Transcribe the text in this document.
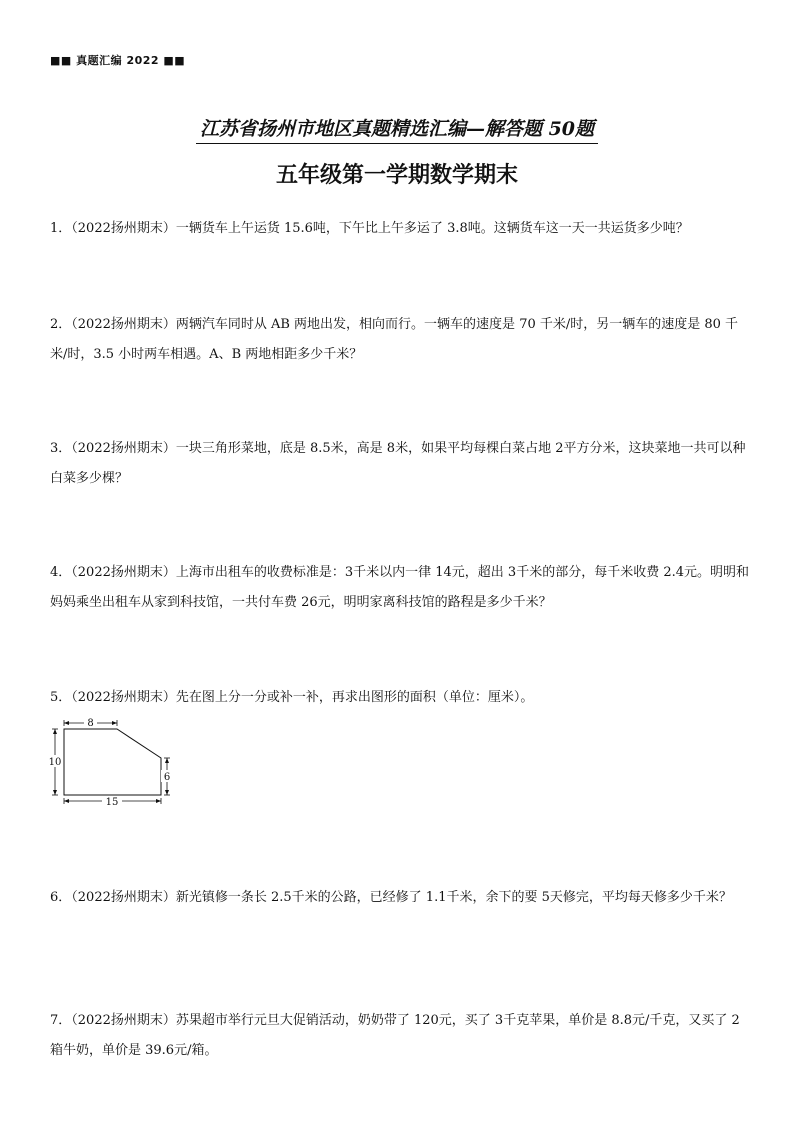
■■ 真题汇编 2022 ■■
江苏省扬州市地区真题精选汇编—解答题 50题
五年级第一学期数学期末
1．（2022扬州期末）一辆货车上午运货 15.6吨，下午比上午多运了 3.8吨。这辆货车这一天一共运货多少吨？
2．（2022扬州期末）两辆汽车同时从 AB 两地出发，相向而行。一辆车的速度是 70 千米/时，另一辆车的速度是 80 千米/时，3.5 小时两车相遇。A、B 两地相距多少千米？
3．（2022扬州期末）一块三角形菜地，底是 8.5米，高是 8米，如果平均每棵白菜占地 2平方分米，这块菜地一共可以种白菜多少棵？
4．（2022扬州期末）上海市出租车的收费标准是：3千米以内一律 14元，超出 3千米的部分，每千米收费 2.4元。明明和妈妈乘坐出租车从家到科技馆，一共付车费 26元，明明家离科技馆的路程是多少千米？
5．（2022扬州期末）先在图上分一分或补一补，再求出图形的面积（单位：厘米）。
8
10
6
15
6．（2022扬州期末）新光镇修一条长 2.5千米的公路，已经修了 1.1千米，余下的要 5天修完，平均每天修多少千米？
7．（2022扬州期末）苏果超市举行元旦大促销活动，奶奶带了 120元，买了 3千克苹果，单价是 8.8元/千克，又买了 2箱牛奶，单价是 39.6元/箱。
